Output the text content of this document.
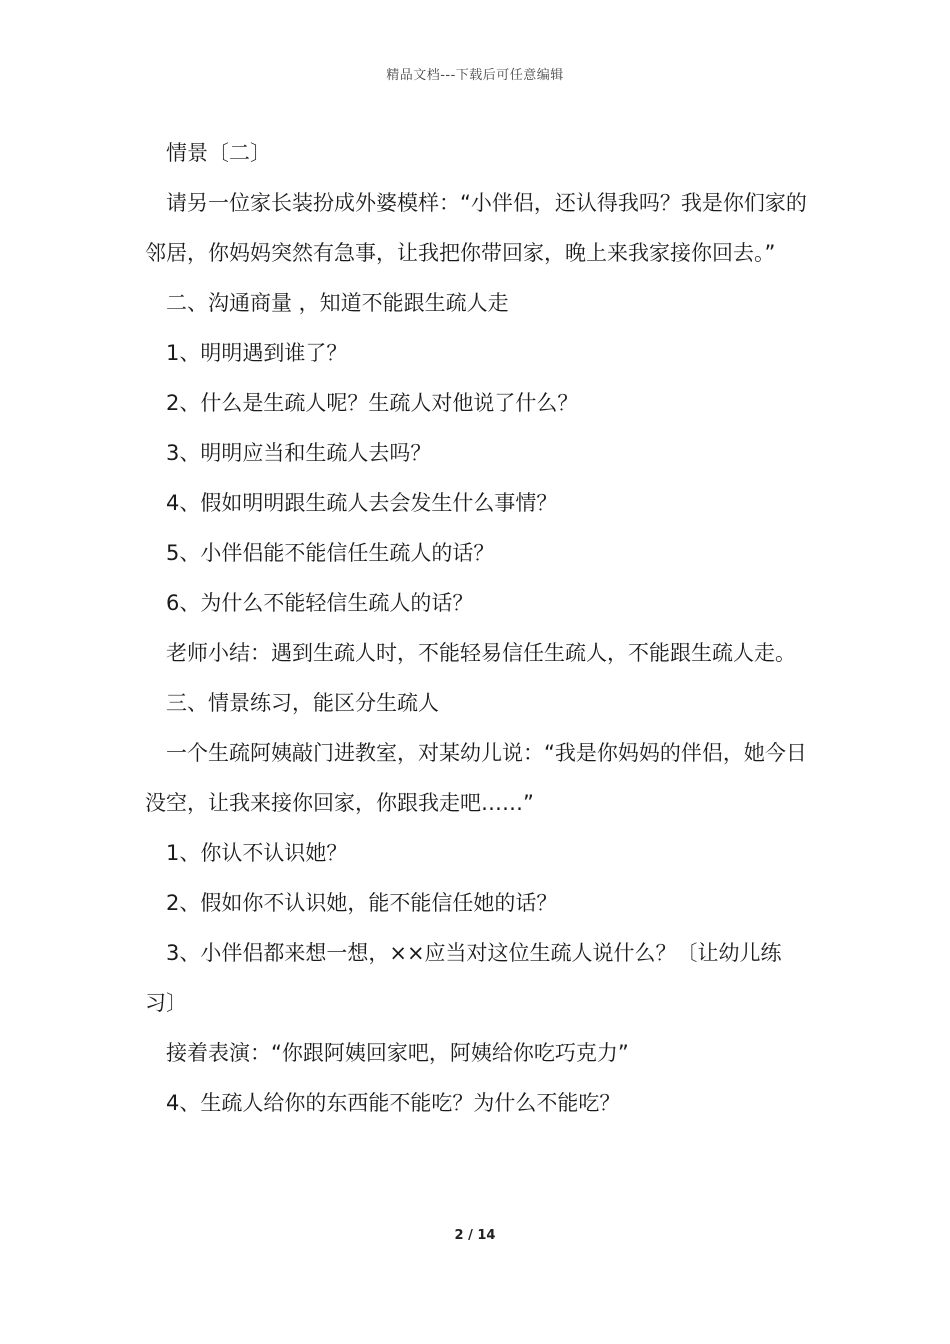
精品文档---下载后可任意编辑

情景〔二〕

请另一位家长装扮成外婆模样：“小伴侣，还认得我吗？我是你们家的邻居，你妈妈突然有急事，让我把你带回家，晚上来我家接你回去。”

二、沟通商量 ，知道不能跟生疏人走

1、明明遇到谁了？

2、什么是生疏人呢？生疏人对他说了什么？

3、明明应当和生疏人去吗？

4、假如明明跟生疏人去会发生什么事情？

5、小伴侣能不能信任生疏人的话？

6、为什么不能轻信生疏人的话？

老师小结：遇到生疏人时，不能轻易信任生疏人，不能跟生疏人走。

三、情景练习，能区分生疏人

一个生疏阿姨敲门进教室，对某幼儿说：“我是你妈妈的伴侣，她今日没空，让我来接你回家，你跟我走吧……”

1、你认不认识她？

2、假如你不认识她，能不能信任她的话？

3、小伴侣都来想一想，××应当对这位生疏人说什么？〔让幼儿练习〕

接着表演：“你跟阿姨回家吧，阿姨给你吃巧克力”

4、生疏人给你的东西能不能吃？为什么不能吃？

2 / 14
